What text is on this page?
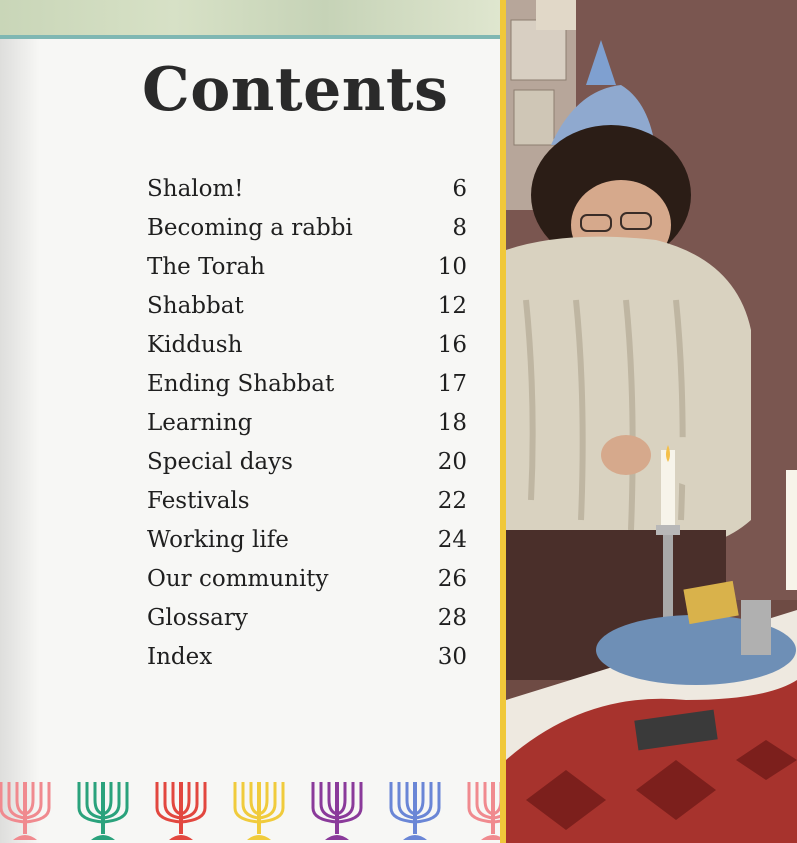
Contents
Shalom!	6
Becoming a rabbi	8
The Torah	10
Shabbat	12
Kiddush	16
Ending Shabbat	17
Learning	18
Special days	20
Festivals	22
Working life	24
Our community	26
Glossary	28
Index	30
